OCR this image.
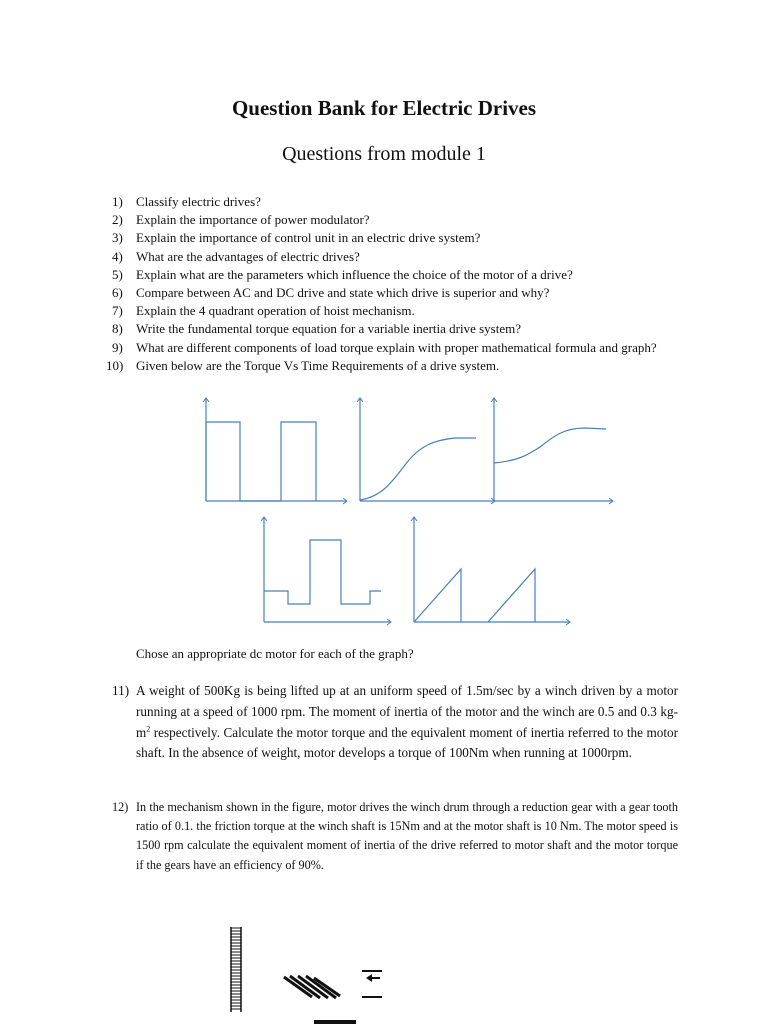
Question Bank for Electric Drives
Questions from module 1
1)	Classify electric drives?
2)	Explain the importance of power modulator?
3)	Explain the importance of control unit in an electric drive system?
4)	What are the advantages of electric drives?
5)	Explain what are the parameters which influence the choice of the motor of a drive?
6)	Compare between AC and DC drive and state which drive is superior and why?
7)	Explain the 4 quadrant operation of hoist mechanism.
8)	Write the fundamental torque equation for a variable inertia drive system?
9)	What are different components of load torque explain with proper mathematical formula and graph?
10) Given below are the Torque Vs Time Requirements of a drive system.
Chose an appropriate dc motor for each of the graph?
11) A weight of 500Kg is being lifted up at an uniform speed of 1.5m/sec by a winch driven by a motor running at a speed of 1000 rpm. The moment of inertia of the motor and the winch are 0.5 and 0.3 $kg-m^2$ respectively. Calculate the motor torque and the equivalent moment of inertia referred to the motor shaft. In the absence of weight, motor develops a torque of 100Nm when running at 1000rpm.
12) In the mechanism shown in the figure, motor drives the winch drum through a reduction gear with a gear tooth ratio of 0.1. the friction torque at the winch shaft is 15Nm and at the motor shaft is 10 Nm. The motor speed is 1500 rpm calculate the equivalent moment of inertia of the drive referred to motor shaft and the motor torque if the gears have an efficiency of 90%.
